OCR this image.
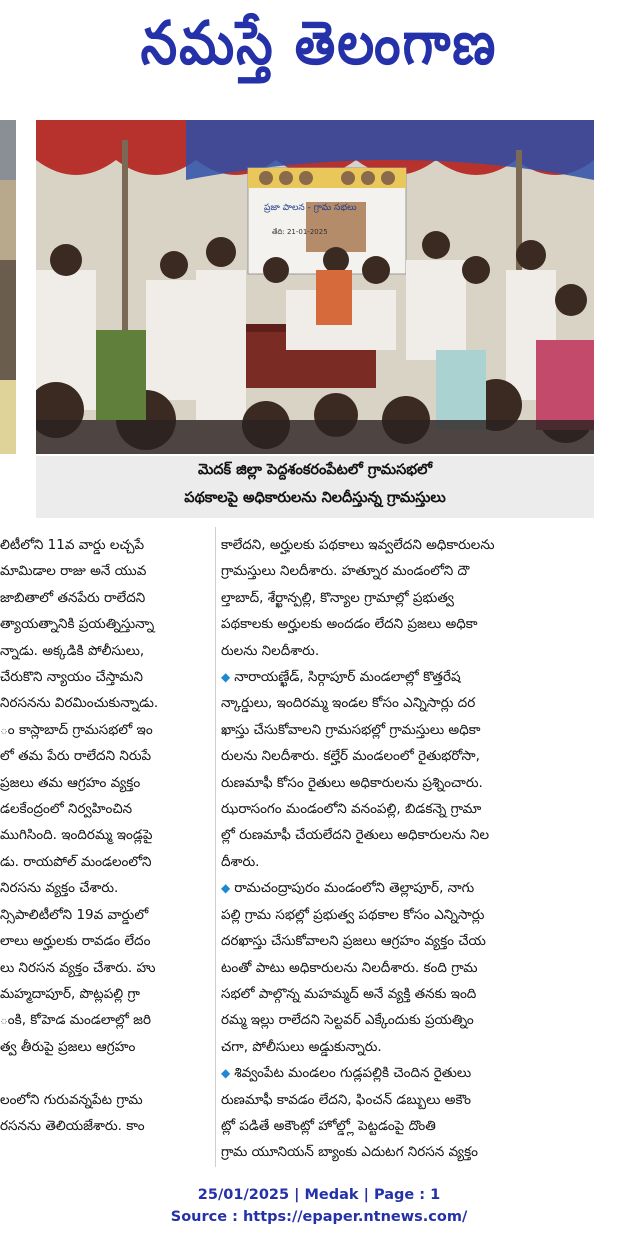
నమస్తే తెలంగాణ
ప్రజా పాలన - గ్రామ సభలు
తేది: 21-01-2025
మెదక్ జిల్లా పెద్దశంకరంపేటలో గ్రామసభలో
పథకాలపై అధికారులను నిలదీస్తున్న గ్రామస్తులు

లిటీలోని 11వ వార్డు లచ్చపే

మామిడాల రాజు అనే యువ

జాబితాలో తనపేరు రాలేదని

త్యాయత్నానికి ప్రయత్నిస్తున్నా

న్నాడు. అక్కడికి పోలీసులు,

చేరుకొని న్యాయం చేస్తామని

నిరసనను విరమించుకున్నాడు.

ం కాస్లాబాద్ గ్రామసభలో ఇం

లో తమ పేరు రాలేదని నిరుపే

ప్రజలు తమ ఆగ్రహం వ్యక్తం

డలకేంద్రంలో నిర్వహించిన

ముగిసింది. ఇందిరమ్మ ఇండ్లపై

డు. రాయపోల్ మండలంలోని

నిరసను వ్యక్తం చేశారు.

న్సిపాలిటీలోని 19వ వార్డులో

లాలు అర్హులకు రావడం లేదం

లు నిరసన వ్యక్తం చేశారు. హు

మహ్మదాపూర్, పొట్లపల్లి గ్రా

ంకి, కోహెడ మండలాల్లో జరి

త్వ తీరుపై ప్రజలు ఆగ్రహం

లంలోని గురువన్నపేట గ్రామ

రసనను తెలియజేశారు. కాం

కాలేదని, అర్హులకు పథకాలు ఇవ్వలేదని అధికారులను

గ్రామస్తులు నిలదీశారు. హత్నూర మండంలోని దౌ

ల్తాబాద్, శేర్ఖాన్పల్లి, కొన్యాల గ్రామాల్లో ప్రభుత్వ

పథకాలకు అర్హులకు అందడం లేదని ప్రజలు అధికా

రులను నిలదీశారు.

◆ నారాయణ్ఖేడ్, సిర్గాపూర్ మండలాల్లో కొత్తరేష

న్కార్డులు, ఇందిరమ్మ ఇండల కోసం ఎన్నిసార్లు దర

ఖాస్తు చేసుకోవాలని గ్రామసభల్లో గ్రామస్తులు అధికా

రులను నిలదీశారు. కల్హేర్ మండలంలో రైతుభరోసా,

రుణమాఫీ కోసం రైతులు అధికారులను ప్రశ్నించారు.

ఝరాసంగం మండంలోని వనంపల్లి, బిడకన్నె గ్రామా

ల్లో రుణమాఫీ చేయలేదని రైతులు అధికారులను నిల

దీశారు.

◆ రామచంద్రాపురం మండంలోని తెల్లాపూర్, నాగు

పల్లి గ్రామ సభల్లో ప్రభుత్వ పథకాల కోసం ఎన్నిసార్లు

దరఖాస్తు చేసుకోవాలని ప్రజలు ఆగ్రహం వ్యక్తం చేయ

టంతో పాటు అధికారులను నిలదీశారు. కంది గ్రామ

సభలో పాల్గొన్న మహమ్మద్ అనే వ్యక్తి తనకు ఇంది

రమ్మ ఇల్లు రాలేదని సెల్టవర్ ఎక్కేందుకు ప్రయత్నిం

చగా, పోలీసులు అడ్డుకున్నారు.

◆ శివ్వంపేట మండలం గుడ్లపల్లికి చెందిన రైతులు

రుణమాఫీ కావడం లేదని, ఫించన్ డబ్బులు అకౌం

ట్లో పడితే అకౌంట్లో హోల్డ్లో పెట్టడంపై దొంతి

గ్రామ యూనియన్ బ్యాంకు ఎదుటగ నిరసన వ్యక్తం

25/01/2025 | Medak | Page : 1
Source : https://epaper.ntnews.com/
